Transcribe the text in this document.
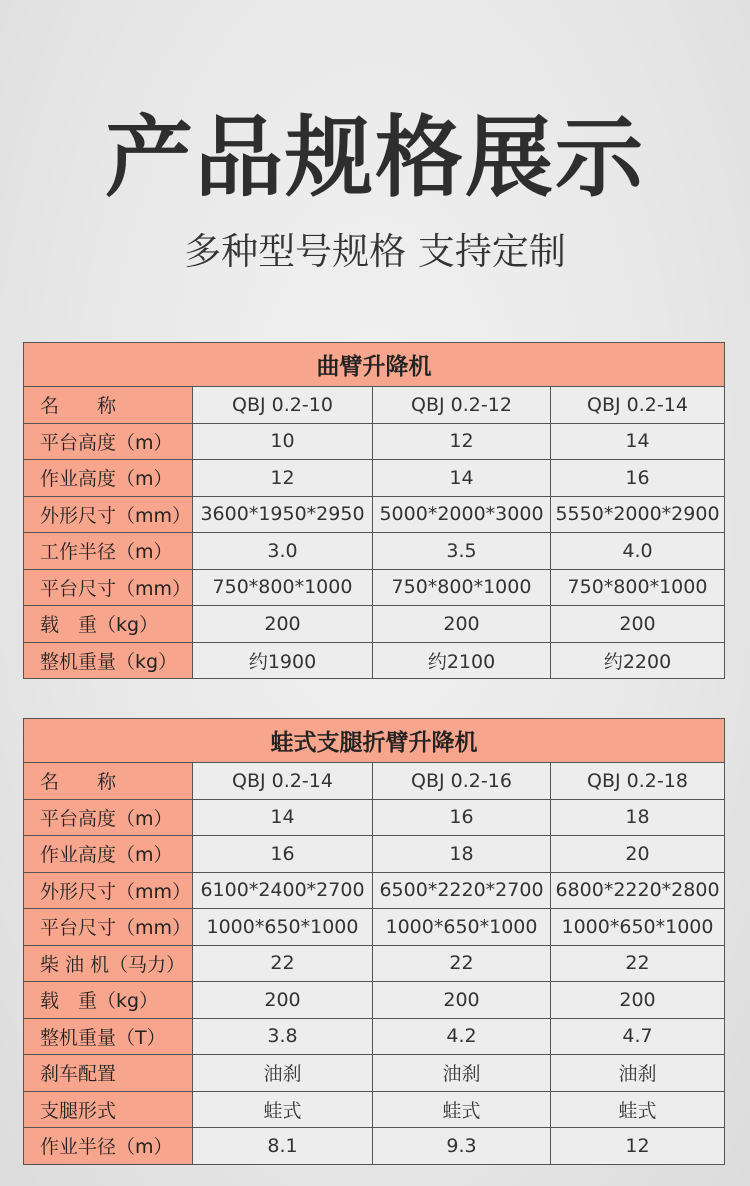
产品规格展示
多种型号规格 支持定制
曲臂升降机			
名　　称	QBJ 0.2-10	QBJ 0.2-12	QBJ 0.2-14
平台高度（m）	10	12	14
作业高度（m）	12	14	16
外形尺寸（mm）	3600*1950*2950	5000*2000*3000	5550*2000*2900
工作半径（m）	3.0	3.5	4.0
平台尺寸（mm）	750*800*1000	750*800*1000	750*800*1000
载　重（kg）	200	200	200
整机重量（kg）	约1900	约2100	约2200
蛙式支腿折臂升降机			
名　　称	QBJ 0.2-14	QBJ 0.2-16	QBJ 0.2-18
平台高度（m）	14	16	18
作业高度（m）	16	18	20
外形尺寸（mm）	6100*2400*2700	6500*2220*2700	6800*2220*2800
平台尺寸（mm）	1000*650*1000	1000*650*1000	1000*650*1000
柴 油 机（马力）	22	22	22
载　重（kg）	200	200	200
整机重量（T）	3.8	4.2	4.7
刹车配置	油刹	油刹	油刹
支腿形式	蛙式	蛙式	蛙式
作业半径（m）	8.1	9.3	12
